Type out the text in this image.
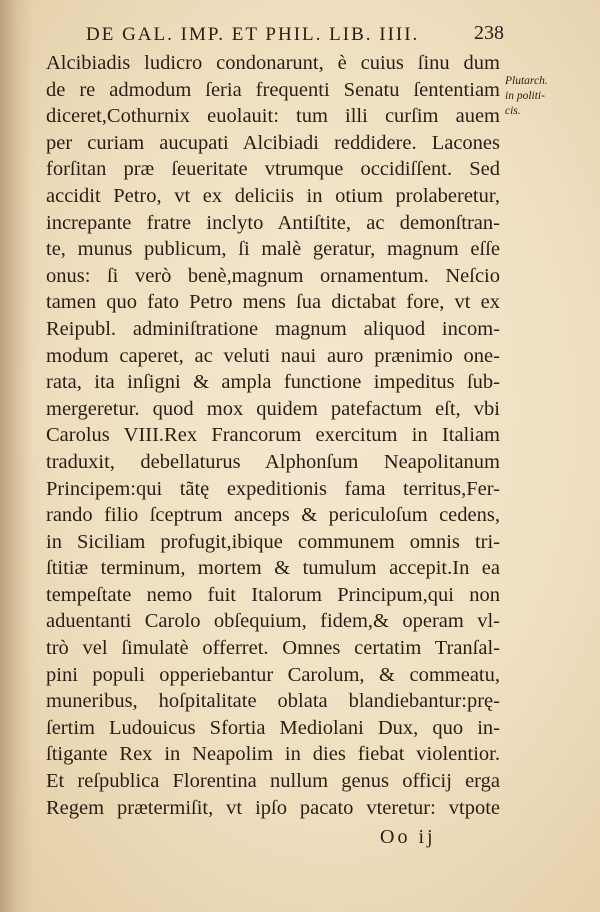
DE GAL. IMP. ET PHIL. LIB. IIII.	238
Plutarch.
in politi-
cis.
Alcibiadis ludicro condonarunt, è cuius ſinu dum
de re admodum ſeria frequenti Senatu ſententiam
diceret,Cothurnix euolauit: tum illi curſim auem
per curiam aucupati Alcibiadi reddidere. Lacones
forſitan præ ſeueritate vtrumque occidiſſent. Sed
accidit Petro, vt ex deliciis in otium prolaberetur,
increpante fratre inclyto Antiſtite, ac demonſtran-
te, munus publicum, ſi malè geratur, magnum eſſe
onus: ſi verò benè,magnum ornamentum. Neſcio
tamen quo fato Petro mens ſua dictabat fore, vt ex
Reipubl. adminiſtratione magnum aliquod incom-
modum caperet, ac veluti naui auro prænimio one-
rata, ita inſigni & ampla functione impeditus ſub-
mergeretur. quod mox quidem patefactum eſt, vbi
Carolus VIII.Rex Francorum exercitum in Italiam
traduxit, debellaturus Alphonſum Neapolitanum
Principem:qui tãtę expeditionis fama territus,Fer-
rando filio ſceptrum anceps & periculoſum cedens,
in Siciliam profugit,ibique communem omnis tri-
ſtitiæ terminum, mortem & tumulum accepit.In ea
tempeſtate nemo fuit Italorum Principum,qui non
aduentanti Carolo obſequium, fidem,& operam vl-
trò vel ſimulatè offerret. Omnes certatim Tranſal-
pini populi opperiebantur Carolum, & commeatu,
muneribus, hoſpitalitate oblata blandiebantur:prę-
ſertim Ludouicus Sfortia Mediolani Dux, quo in-
ſtigante Rex in Neapolim in dies fiebat violentior.
Et reſpublica Florentina nullum genus officij erga
Regem prætermiſit, vt ipſo pacato vteretur: vtpote
Oo ij
